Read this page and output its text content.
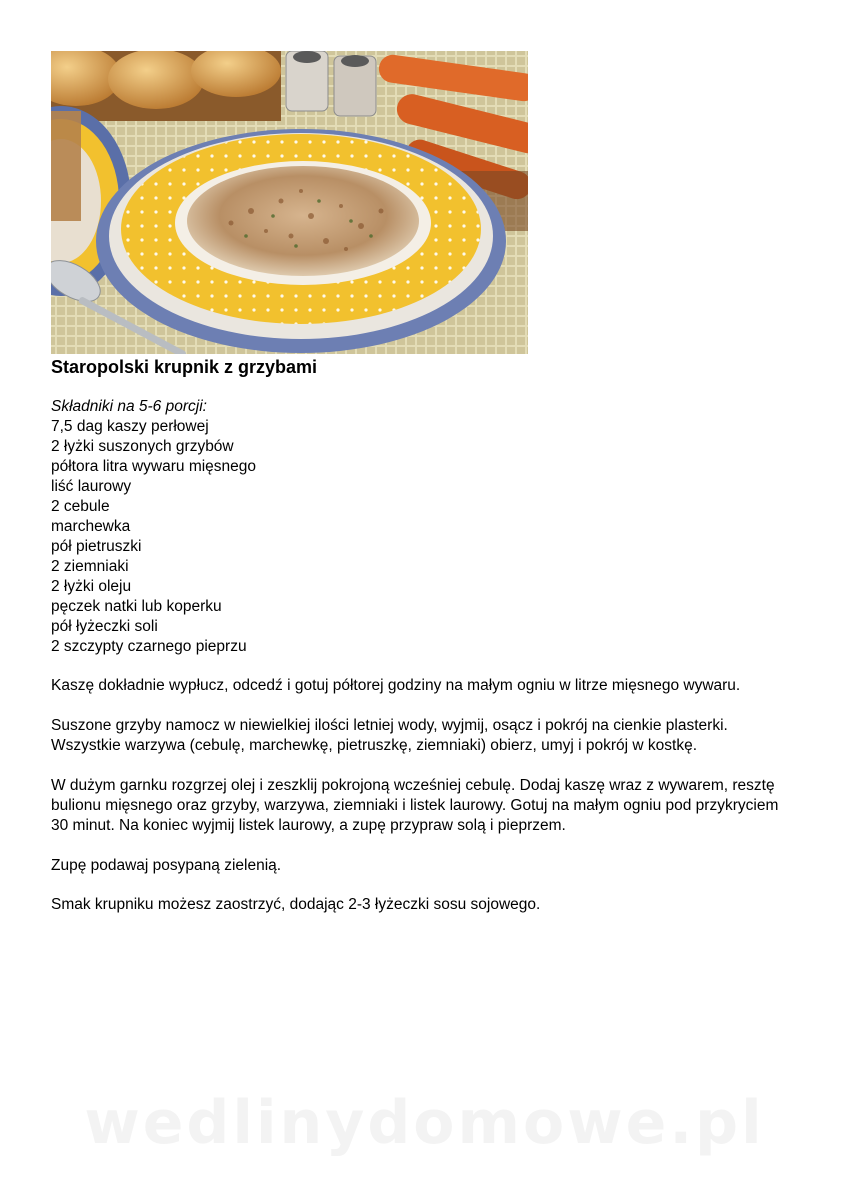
Staropolski krupnik z grzybami
Składniki na 5-6 porcji:
7,5 dag kaszy perłowej
2 łyżki suszonych grzybów
półtora litra wywaru mięsnego
liść laurowy
2 cebule
marchewka
pół pietruszki
2 ziemniaki
2 łyżki oleju
pęczek natki lub koperku
pół łyżeczki soli
2 szczypty czarnego pieprzu

Kaszę dokładnie wypłucz, odcedź i gotuj półtorej godziny na małym ogniu w litrze mięsnego wywaru.

Suszone grzyby namocz w niewielkiej ilości letniej wody, wyjmij, osącz i pokrój na cienkie plasterki. Wszystkie warzywa (cebulę, marchewkę, pietruszkę, ziemniaki) obierz, umyj i pokrój w kostkę.

W dużym garnku rozgrzej olej i zeszklij pokrojoną wcześniej cebulę. Dodaj kaszę wraz z wywarem, resztę bulionu mięsnego oraz grzyby, warzywa, ziemniaki i listek laurowy. Gotuj na małym ogniu pod przykryciem 30 minut. Na koniec wyjmij listek laurowy, a zupę przypraw solą i pieprzem.

Zupę podawaj posypaną zielenią.

Smak krupniku możesz zaostrzyć, dodając 2-3 łyżeczki sosu sojowego.

wedlinydomowe.pl
